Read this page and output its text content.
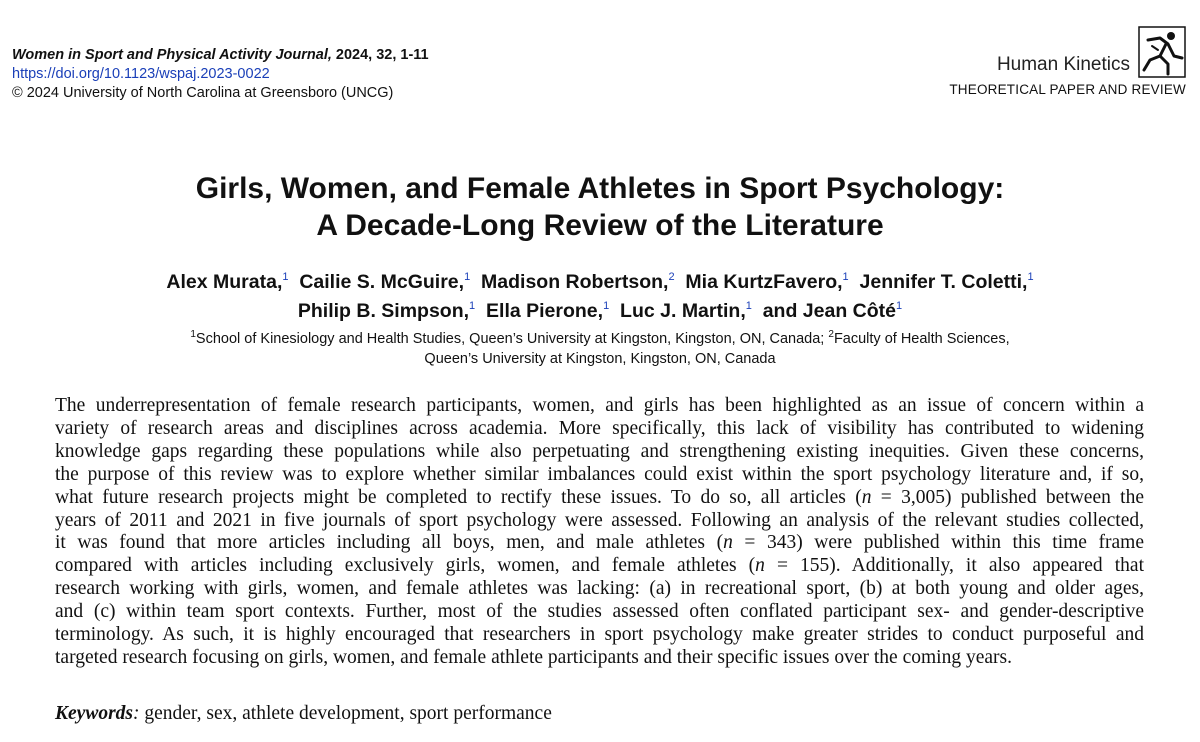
Women in Sport and Physical Activity Journal, 2024, 32, 1-11
https://doi.org/10.1123/wspaj.2023-0022
© 2024 University of North Carolina at Greensboro (UNCG)
Human Kinetics
THEORETICAL PAPER AND REVIEW
Girls, Women, and Female Athletes in Sport Psychology:
A Decade-Long Review of the Literature
Alex Murata,$^1$ Cailie S. McGuire,$^1$ Madison Robertson,$^2$ Mia KurtzFavero,$^1$ Jennifer T. Coletti,$^1$
Philip B. Simpson,$^1$ Ella Pierone,$^1$ Luc J. Martin,$^1$ and Jean Côté$^1$
$^1$School of Kinesiology and Health Studies, Queen’s University at Kingston, Kingston, ON, Canada; $^2$Faculty of Health Sciences,
Queen’s University at Kingston, Kingston, ON, Canada
The underrepresentation of female research participants, women, and girls has been highlighted as an issue of concern within a
variety of research areas and disciplines across academia. More specifically, this lack of visibility has contributed to widening
knowledge gaps regarding these populations while also perpetuating and strengthening existing inequities. Given these concerns,
the purpose of this review was to explore whether similar imbalances could exist within the sport psychology literature and, if so,
what future research projects might be completed to rectify these issues. To do so, all articles (n = 3,005) published between the
years of 2011 and 2021 in five journals of sport psychology were assessed. Following an analysis of the relevant studies collected,
it was found that more articles including all boys, men, and male athletes (n = 343) were published within this time frame
compared with articles including exclusively girls, women, and female athletes (n = 155). Additionally, it also appeared that
research working with girls, women, and female athletes was lacking: (a) in recreational sport, (b) at both young and older ages,
and (c) within team sport contexts. Further, most of the studies assessed often conflated participant sex- and gender-descriptive
terminology. As such, it is highly encouraged that researchers in sport psychology make greater strides to conduct purposeful and
targeted research focusing on girls, women, and female athlete participants and their specific issues over the coming years.
Keywords: gender, sex, athlete development, sport performance
